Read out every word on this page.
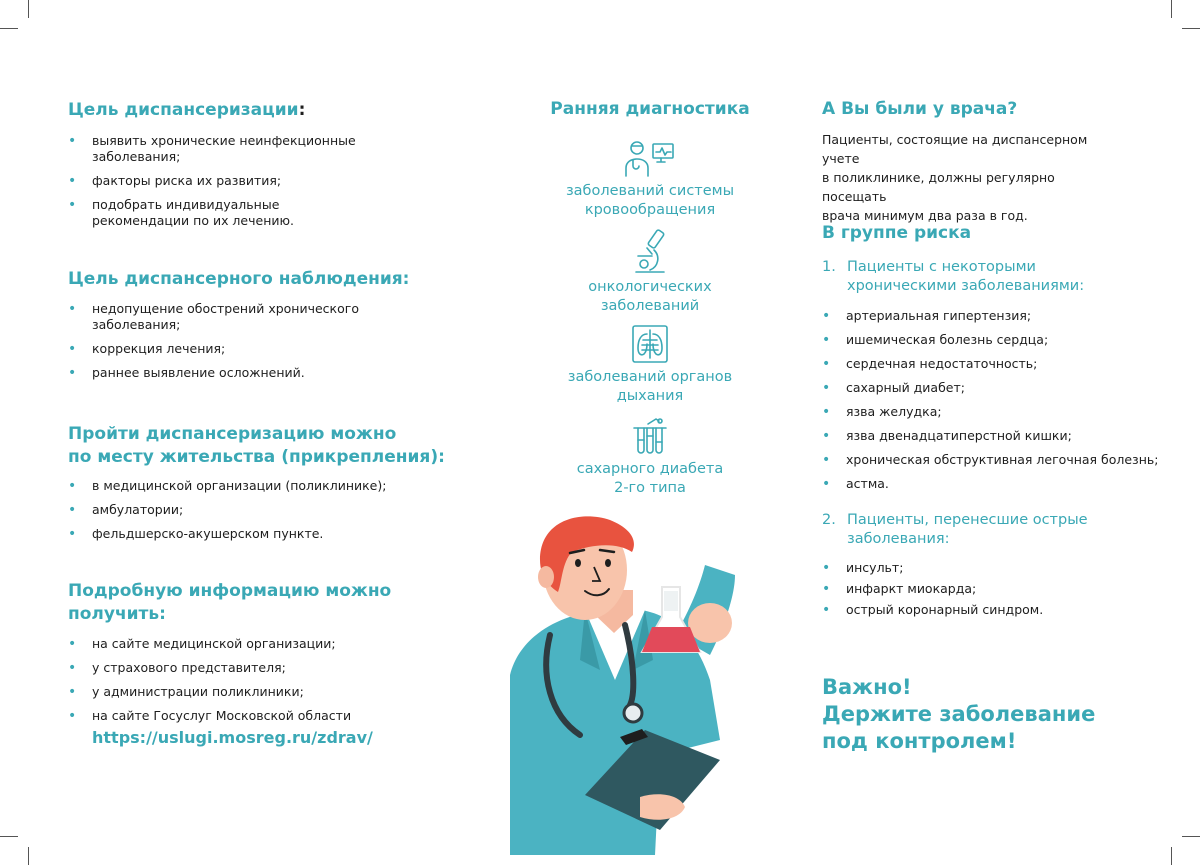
Цель диспансеризации:
• выявить хронические неинфекционные заболевания;
• факторы риска их развития;
• подобрать индивидуальные рекомендации по их лечению.
Цель диспансерного наблюдения:
• недопущение обострений хронического заболевания;
• коррекция лечения;
• раннее выявление осложнений.
Пройти диспансеризацию можно
по месту жительства (прикрепления):
• в медицинской организации (поликлинике);
• амбулатории;
• фельдшерско-акушерском пункте.
Подробную информацию можно
получить:
• на сайте медицинской организации;
• у страхового представителя;
• у администрации поликлиники;
• на сайте Госуслуг Московской области
https://uslugi.mosreg.ru/zdrav/
Ранняя диагностика
заболеваний системы
кровообращения
онкологических
заболеваний
заболеваний органов
дыхания
сахарного диабета
2-го типа
А Вы были у врача?
Пациенты, состоящие на диспансерном учете
в поликлинике, должны регулярно посещать
врача минимум два раза в год.
В группе риска
1. Пациенты с некоторыми
хроническими заболеваниями:
• артериальная гипертензия;
• ишемическая болезнь сердца;
• сердечная недостаточность;
• сахарный диабет;
• язва желудка;
• язва двенадцатиперстной кишки;
• хроническая обструктивная легочная болезнь;
• астма.
2. Пациенты, перенесшие острые
заболевания:
• инсульт;
• инфаркт миокарда;
• острый коронарный синдром.
Важно!
Держите заболевание
под контролем!
